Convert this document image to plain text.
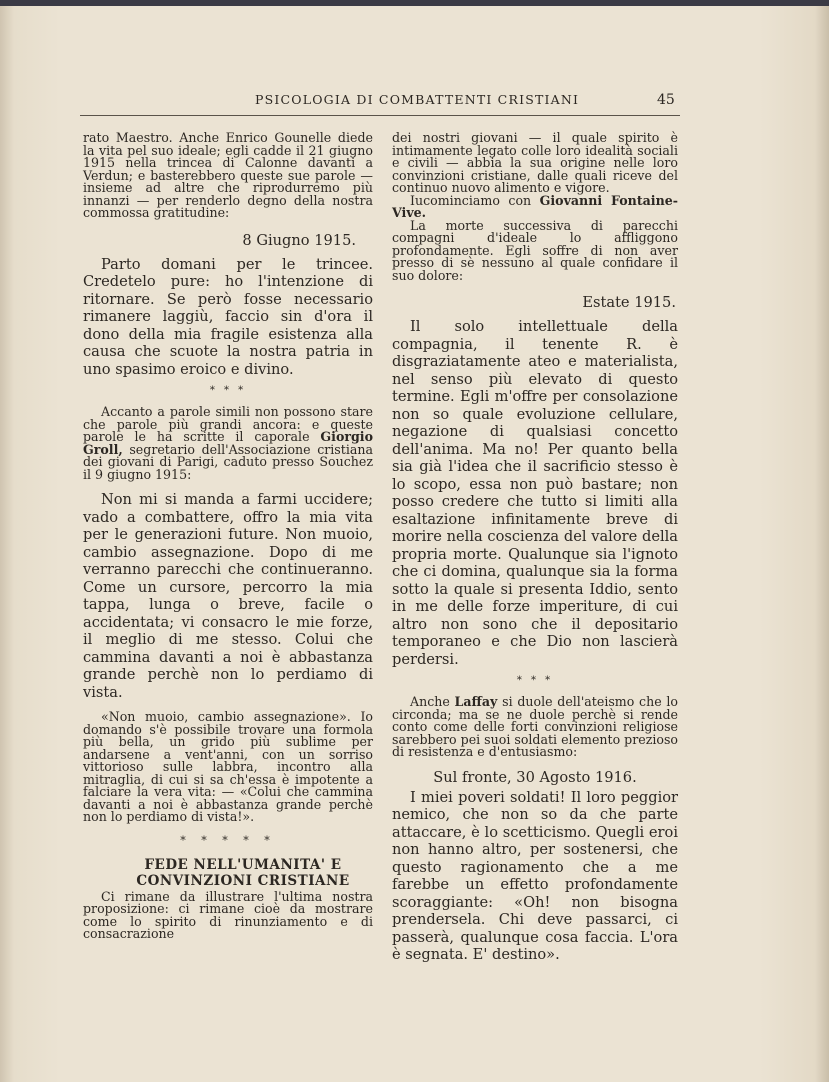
PSICOLOGIA DI COMBATTENTI CRISTIANI	45

rato Maestro. Anche Enrico Gounelle diede la vita pel suo ideale; egli cadde il 21 giugno 1915 nella trincea di Calonne davanti a Verdun; e basterebbero queste sue parole — insieme ad altre che riprodurremo più innanzi — per renderlo degno della nostra commossa gratitudine:

8 Giugno 1915.

Parto domani per le trincee. Credetelo pure: ho l'intenzione di ritornare. Se però fosse necessario rimanere laggiù, faccio sin d'ora il dono della mia fragile esistenza alla causa che scuote la nostra patria in uno spasimo eroico e divino.

* * *

Accanto a parole simili non possono stare che parole più grandi ancora: e queste parole le ha scritte il caporale Giorgio Groll, segretario dell'Associazione cristiana dei giovani di Parigi, caduto presso Souchez il 9 giugno 1915:

Non mi si manda a farmi uccidere; vado a combattere, offro la mia vita per le generazioni future. Non muoio, cambio assegnazione. Dopo di me verranno parecchi che continueranno. Come un cursore, percorro la mia tappa, lunga o breve, facile o accidentata; vi consacro le mie forze, il meglio di me stesso. Colui che cammina davanti a noi è abbastanza grande perchè non lo perdiamo di vista.

«Non muoio, cambio assegnazione». Io domando s'è possibile trovare una formola più bella, un grido più sublime per andarsene a vent'anni, con un sorriso vittorioso sulle labbra, incontro alla mitraglia, di cui si sa ch'essa è impotente a falciare la vera vita: — «Colui che cammina davanti a noi è abbastanza grande perchè non lo perdiamo di vista!».

* * * * *
FEDE NELL'UMANITA' E
CONVINZIONI CRISTIANE

Ci rimane da illustrare l'ultima nostra proposizione: ci rimane cioè da mostrare come lo spirito di rinunziamento e di consacrazione

dei nostri giovani — il quale spirito è intimamente legato colle loro idealità sociali e civili — abbia la sua origine nelle loro convinzioni cristiane, dalle quali riceve del continuo nuovo alimento e vigore.

Iucominciamo con Giovanni Fontaine-Vive.

La morte successiva di parecchi compagni d'ideale lo affliggono profondamente. Egli soffre di non aver presso di sè nessuno al quale confidare il suo dolore:

Estate 1915.

Il solo intellettuale della compagnia, il tenente R. è disgraziatamente ateo e materialista, nel senso più elevato di questo termine. Egli m'offre per consolazione non so quale evoluzione cellulare, negazione di qualsiasi concetto dell'anima. Ma no! Per quanto bella sia già l'idea che il sacrificio stesso è lo scopo, essa non può bastare; non posso credere che tutto si limiti alla esaltazione infinitamente breve di morire nella coscienza del valore della propria morte. Qualunque sia l'ignoto che ci domina, qualunque sia la forma sotto la quale si presenta Iddio, sento in me delle forze imperiture, di cui altro non sono che il depositario temporaneo e che Dio non lascierà perdersi.

* * *

Anche Laffay si duole dell'ateismo che lo circonda; ma se ne duole perchè si rende conto come delle forti convinzioni religiose sarebbero pei suoi soldati elemento prezioso di resistenza e d'entusiasmo:

Sul fronte, 30 Agosto 1916.

I miei poveri soldati! Il loro peggior nemico, che non so da che parte attaccare, è lo scetticismo. Quegli eroi non hanno altro, per sostenersi, che questo ragionamento che a me farebbe un effetto profondamente scoraggiante: «Oh! non bisogna prendersela. Chi deve passarci, ci passerà, qualunque cosa faccia. L'ora è segnata. E' destino».
